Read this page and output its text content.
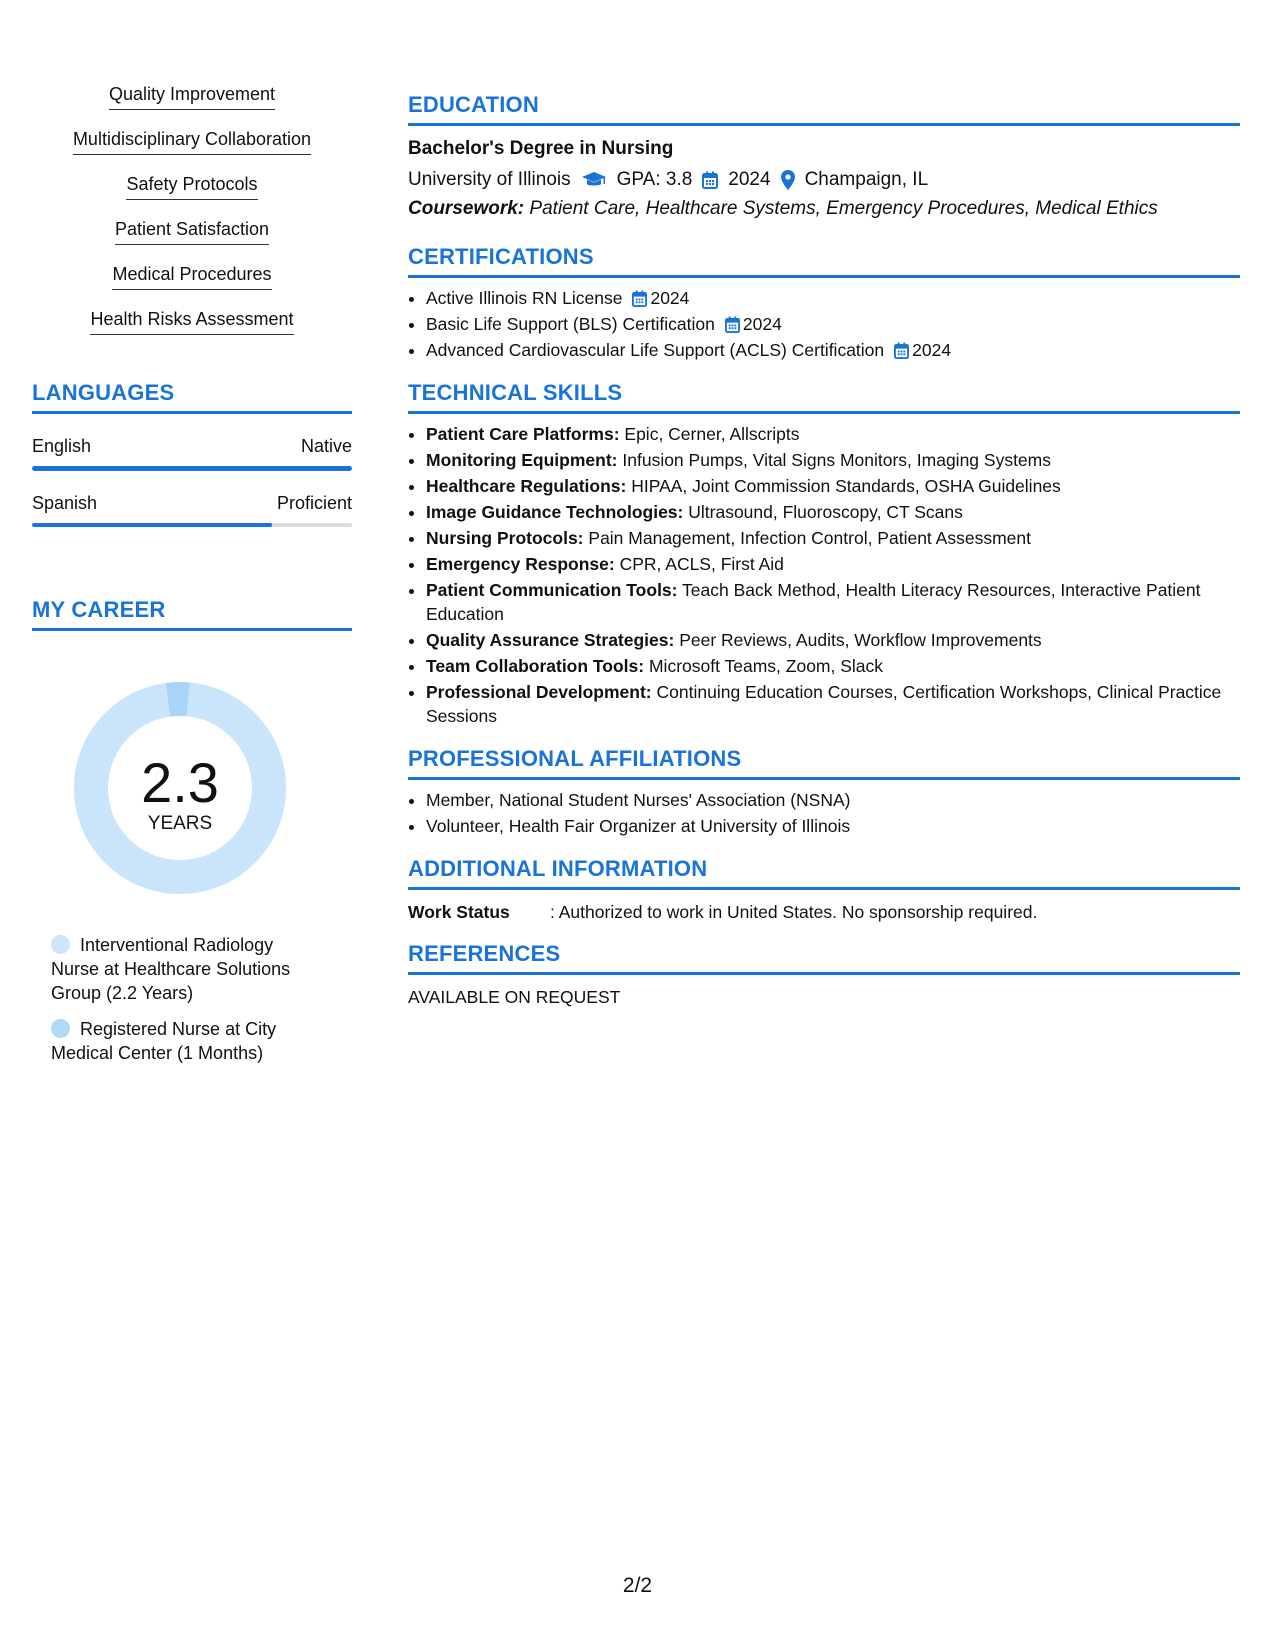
Quality Improvement
Multidisciplinary Collaboration
Safety Protocols
Patient Satisfaction
Medical Procedures
Health Risks Assessment
LANGUAGES
English	Native
Spanish	Proficient
MY CAREER
2.3
YEARS
Interventional Radiology Nurse at Healthcare Solutions Group (2.2 Years)
Registered Nurse at City Medical Center (1 Months)
EDUCATION
Bachelor's Degree in Nursing
University of Illinois GPA: 3.8 2024 Champaign, IL
Coursework: Patient Care, Healthcare Systems, Emergency Procedures, Medical Ethics
CERTIFICATIONS
• Active Illinois RN License 2024
• Basic Life Support (BLS) Certification 2024
• Advanced Cardiovascular Life Support (ACLS) Certification 2024
TECHNICAL SKILLS
• Patient Care Platforms: Epic, Cerner, Allscripts
• Monitoring Equipment: Infusion Pumps, Vital Signs Monitors, Imaging Systems
• Healthcare Regulations: HIPAA, Joint Commission Standards, OSHA Guidelines
• Image Guidance Technologies: Ultrasound, Fluoroscopy, CT Scans
• Nursing Protocols: Pain Management, Infection Control, Patient Assessment
• Emergency Response: CPR, ACLS, First Aid
• Patient Communication Tools: Teach Back Method, Health Literacy Resources, Interactive Patient Education
• Quality Assurance Strategies: Peer Reviews, Audits, Workflow Improvements
• Team Collaboration Tools: Microsoft Teams, Zoom, Slack
• Professional Development: Continuing Education Courses, Certification Workshops, Clinical Practice Sessions
PROFESSIONAL AFFILIATIONS
• Member, National Student Nurses' Association (NSNA)
• Volunteer, Health Fair Organizer at University of Illinois
ADDITIONAL INFORMATION
Work Status	: Authorized to work in United States. No sponsorship required.
REFERENCES
AVAILABLE ON REQUEST
2/2
